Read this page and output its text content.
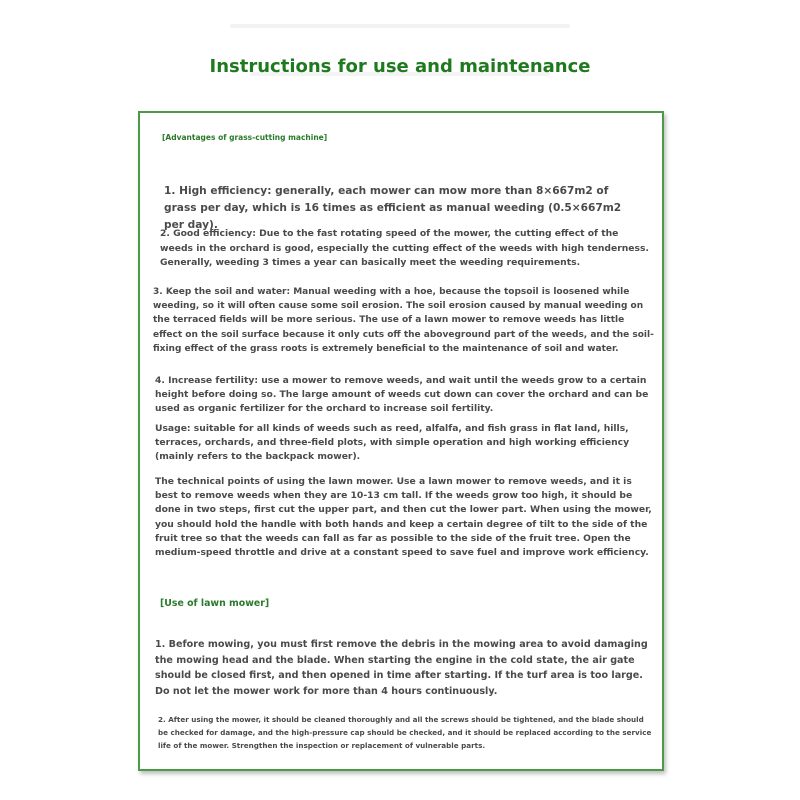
Instructions for use and maintenance

[Advantages of grass-cutting machine]

1. High efficiency: generally, each mower can mow more than 8×667m2 of grass per day, which is 16 times as efficient as manual weeding (0.5×667m2 per day).

2. Good efficiency: Due to the fast rotating speed of the mower, the cutting effect of the weeds in the orchard is good, especially the cutting effect of the weeds with high tenderness. Generally, weeding 3 times a year can basically meet the weeding requirements.

3. Keep the soil and water: Manual weeding with a hoe, because the topsoil is loosened while weeding, so it will often cause some soil erosion. The soil erosion caused by manual weeding on the terraced fields will be more serious. The use of a lawn mower to remove weeds has little effect on the soil surface because it only cuts off the aboveground part of the weeds, and the soil-fixing effect of the grass roots is extremely beneficial to the maintenance of soil and water.

4. Increase fertility: use a mower to remove weeds, and wait until the weeds grow to a certain height before doing so. The large amount of weeds cut down can cover the orchard and can be used as organic fertilizer for the orchard to increase soil fertility.

Usage: suitable for all kinds of weeds such as reed, alfalfa, and fish grass in flat land, hills, terraces, orchards, and three-field plots, with simple operation and high working efficiency (mainly refers to the backpack mower).

The technical points of using the lawn mower. Use a lawn mower to remove weeds, and it is best to remove weeds when they are 10-13 cm tall. If the weeds grow too high, it should be done in two steps, first cut the upper part, and then cut the lower part. When using the mower, you should hold the handle with both hands and keep a certain degree of tilt to the side of the fruit tree so that the weeds can fall as far as possible to the side of the fruit tree. Open the medium-speed throttle and drive at a constant speed to save fuel and improve work efficiency.

[Use of lawn mower]

1. Before mowing, you must first remove the debris in the mowing area to avoid damaging the mowing head and the blade. When starting the engine in the cold state, the air gate should be closed first, and then opened in time after starting. If the turf area is too large. Do not let the mower work for more than 4 hours continuously.

2. After using the mower, it should be cleaned thoroughly and all the screws should be tightened, and the blade should be checked for damage, and the high-pressure cap should be checked, and it should be replaced according to the service life of the mower. Strengthen the inspection or replacement of vulnerable parts.
